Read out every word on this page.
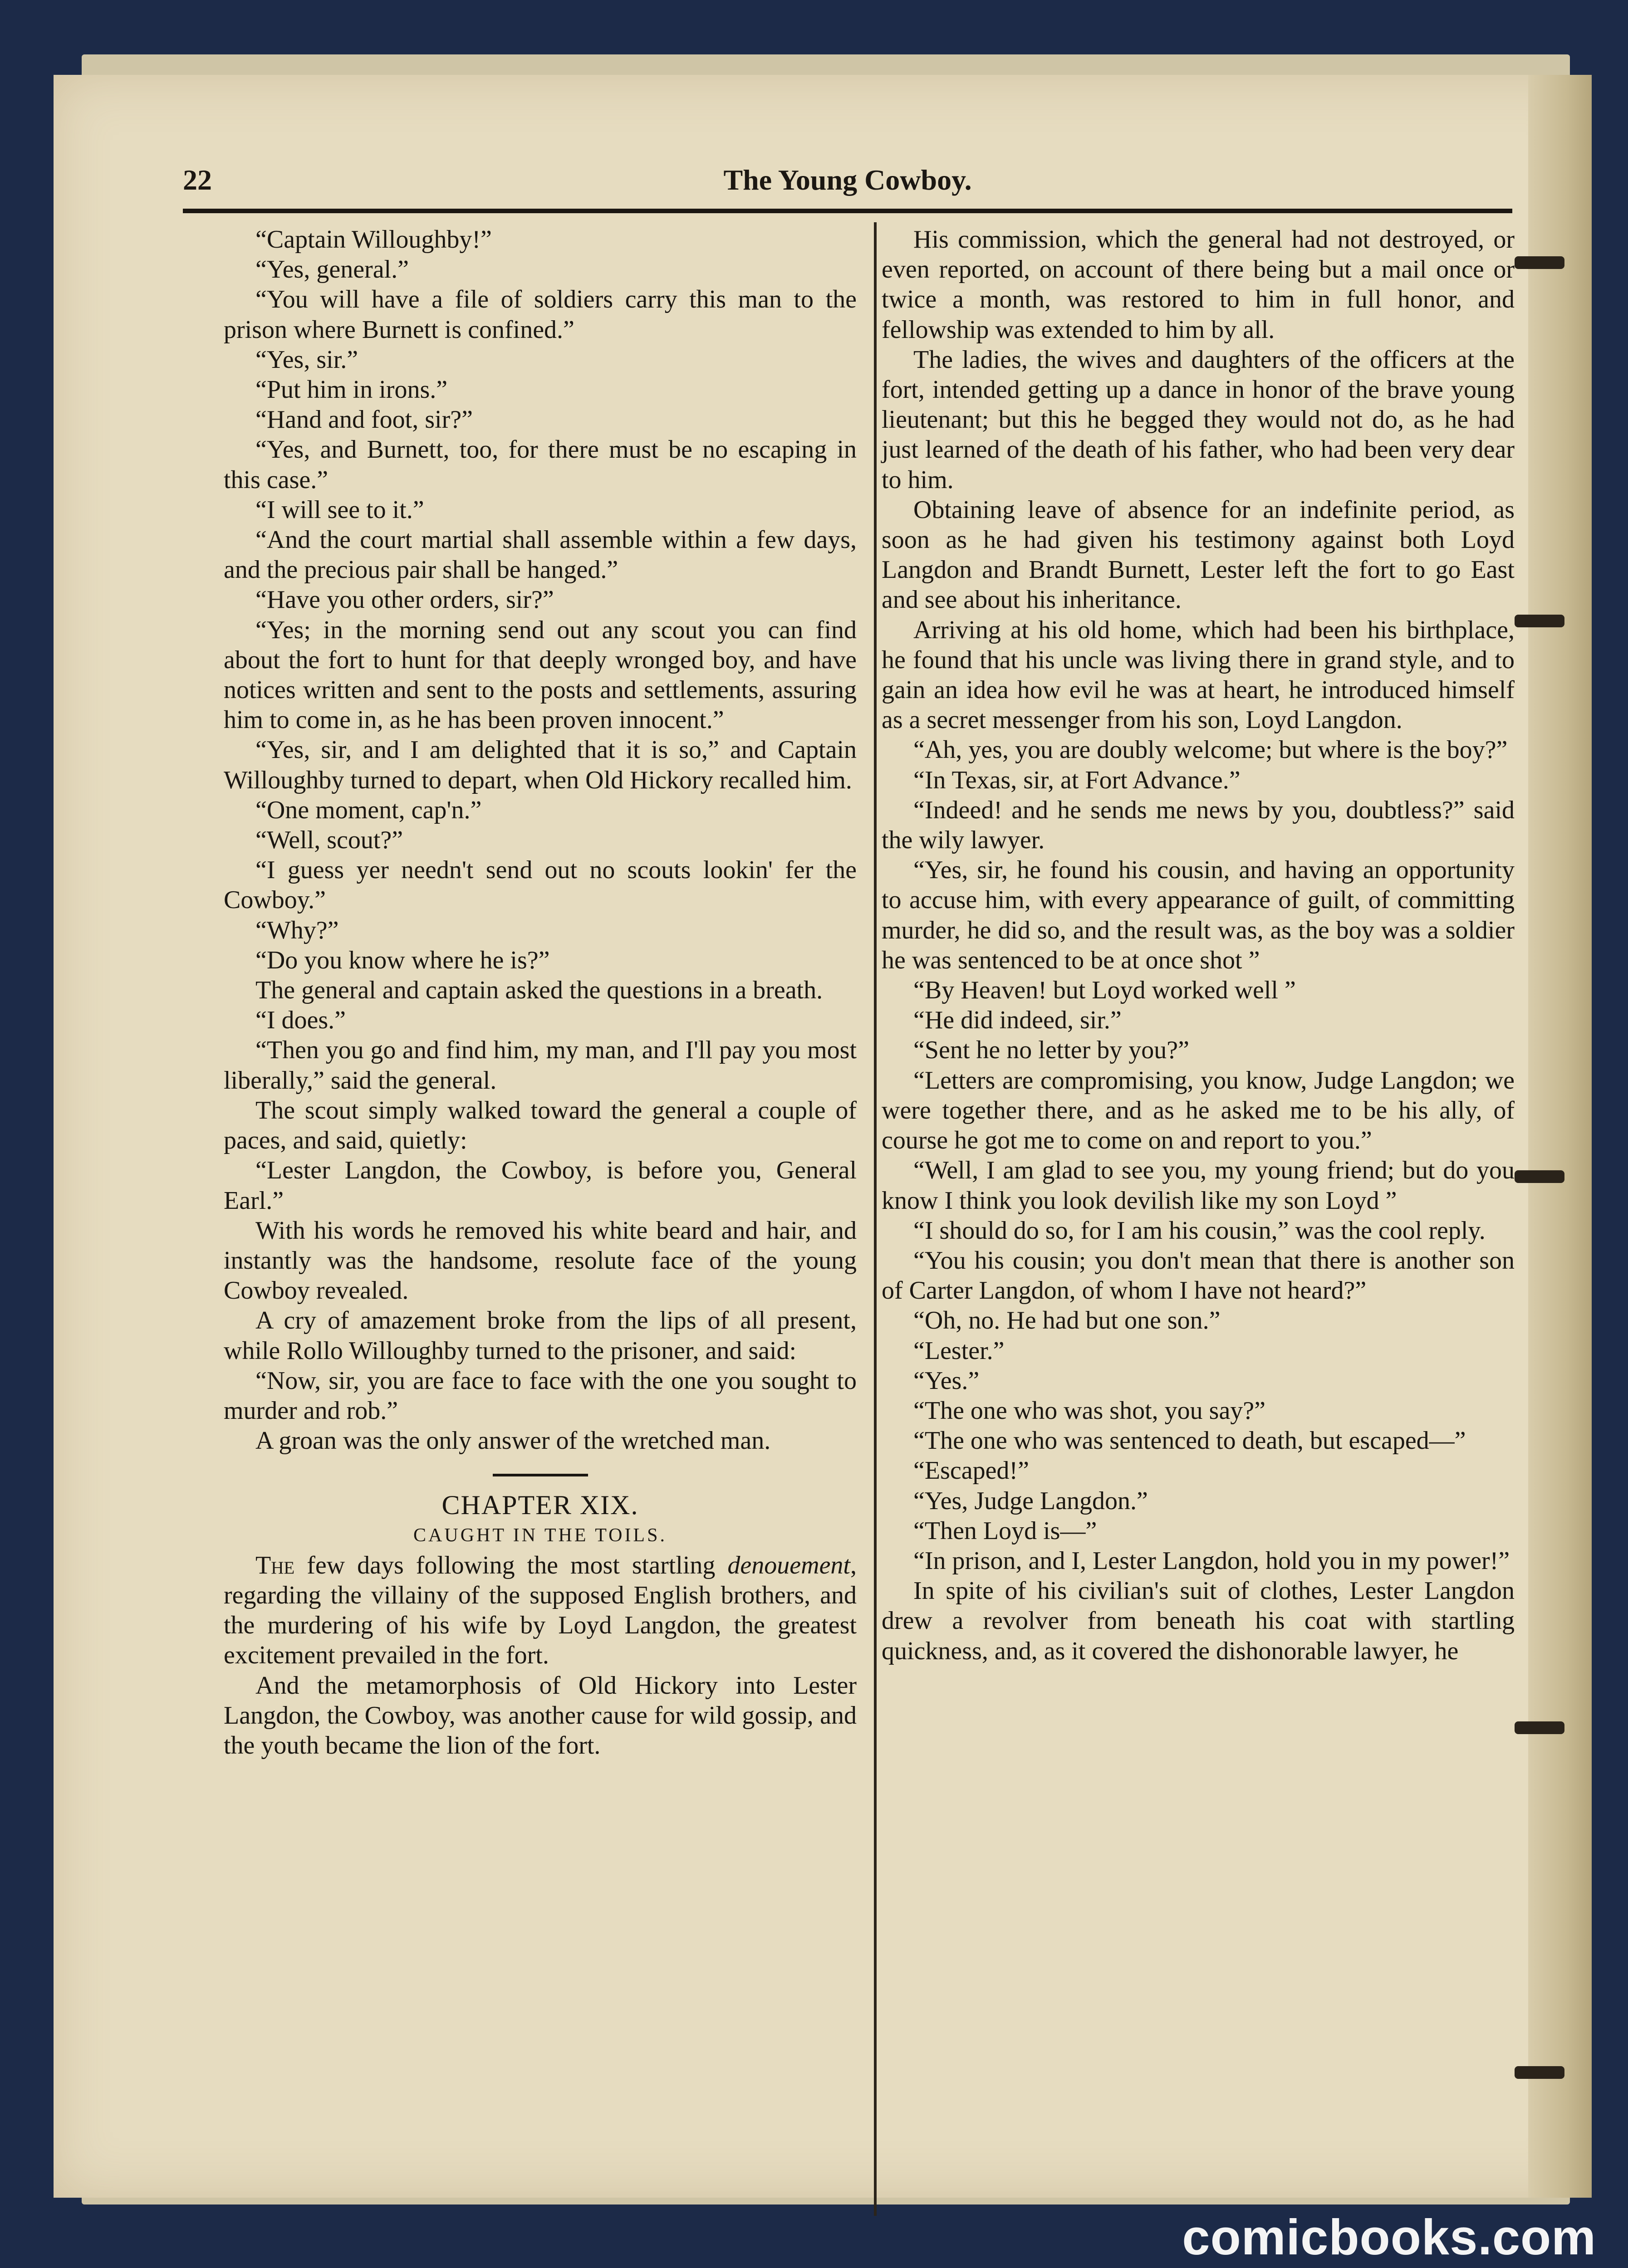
22	The Young Cowboy.

“Captain Willoughby!”

“Yes, general.”

“You will have a file of soldiers carry this man to the prison where Burnett is confined.”

“Yes, sir.”

“Put him in irons.”

“Hand and foot, sir?”

“Yes, and Burnett, too, for there must be no escaping in this case.”

“I will see to it.”

“And the court martial shall assemble within a few days, and the precious pair shall be hanged.”

“Have you other orders, sir?”

“Yes; in the morning send out any scout you can find about the fort to hunt for that deeply wronged boy, and have notices written and sent to the posts and settlements, assuring him to come in, as he has been proven innocent.”

“Yes, sir, and I am delighted that it is so,” and Captain Willoughby turned to depart, when Old Hickory recalled him.

“One moment, cap'n.”

“Well, scout?”

“I guess yer needn't send out no scouts lookin' fer the Cowboy.”

“Why?”

“Do you know where he is?”

The general and captain asked the questions in a breath.

“I does.”

“Then you go and find him, my man, and I'll pay you most liberally,” said the general.

The scout simply walked toward the general a couple of paces, and said, quietly:

“Lester Langdon, the Cowboy, is before you, General Earl.”

With his words he removed his white beard and hair, and instantly was the handsome, resolute face of the young Cowboy revealed.

A cry of amazement broke from the lips of all present, while Rollo Willoughby turned to the prisoner, and said:

“Now, sir, you are face to face with the one you sought to murder and rob.”

A groan was the only answer of the wretched man.

CHAPTER XIX.

CAUGHT IN THE TOILS.

The few days following the most startling denouement, regarding the villainy of the supposed English brothers, and the murdering of his wife by Loyd Langdon, the greatest excitement prevailed in the fort.

And the metamorphosis of Old Hickory into Lester Langdon, the Cowboy, was another cause for wild gossip, and the youth became the lion of the fort.

His commission, which the general had not destroyed, or even reported, on account of there being but a mail once or twice a month, was restored to him in full honor, and fellowship was extended to him by all.

The ladies, the wives and daughters of the officers at the fort, intended getting up a dance in honor of the brave young lieutenant; but this he begged they would not do, as he had just learned of the death of his father, who had been very dear to him.

Obtaining leave of absence for an indefinite period, as soon as he had given his testimony against both Loyd Langdon and Brandt Burnett, Lester left the fort to go East and see about his inheritance.

Arriving at his old home, which had been his birthplace, he found that his uncle was living there in grand style, and to gain an idea how evil he was at heart, he introduced himself as a secret messenger from his son, Loyd Langdon.

“Ah, yes, you are doubly welcome; but where is the boy?”

“In Texas, sir, at Fort Advance.”

“Indeed! and he sends me news by you, doubtless?” said the wily lawyer.

“Yes, sir, he found his cousin, and having an opportunity to accuse him, with every appearance of guilt, of committing murder, he did so, and the result was, as the boy was a soldier he was sentenced to be at once shot ”

“By Heaven! but Loyd worked well ”

“He did indeed, sir.”

“Sent he no letter by you?”

“Letters are compromising, you know, Judge Langdon; we were together there, and as he asked me to be his ally, of course he got me to come on and report to you.”

“Well, I am glad to see you, my young friend; but do you know I think you look devilish like my son Loyd ”

“I should do so, for I am his cousin,” was the cool reply.

“You his cousin; you don't mean that there is another son of Carter Langdon, of whom I have not heard?”

“Oh, no. He had but one son.”

“Lester.”

“Yes.”

“The one who was shot, you say?”

“The one who was sentenced to death, but escaped—”

“Escaped!”

“Yes, Judge Langdon.”

“Then Loyd is—”

“In prison, and I, Lester Langdon, hold you in my power!”

In spite of his civilian's suit of clothes, Lester Langdon drew a revolver from beneath his coat with startling quickness, and, as it covered the dishonorable lawyer, he

comicbooks.com
